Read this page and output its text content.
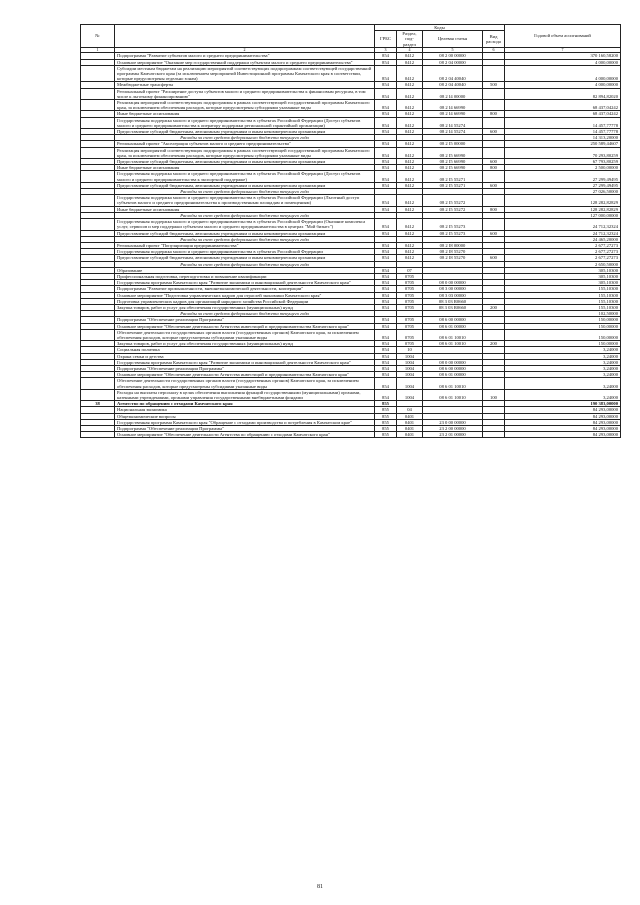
№		Коды				Годовой объем ассигнований
		ГРБС	Раздел, под-раздел	Целевая статья	Вид расхода	
1	2	3	4	5	6	7
	Подпрограмма "Развитие субъектов малого и среднего предпринимательства"	854	0412	08 2 00 00000		370 160,58200
	Основное мероприятие "Оказание мер государственной поддержки субъектам малого и среднего предпринимательства"	854	0412	08 2 04 00000		4 000,00000
	Субсидии местным бюджетам на реализацию мероприятий соответствующих подпрограммам соответствующей государственной программы Камчатского края (за исключением мероприятий Инвестиционной программы Камчатского края в соответствии, которые предусмотрены отдельно зонам)	854	0412	08 2 04 40040		4 000,00000
	Межбюджетные трансферты	854	0412	08 2 04 40040	500	4 000,00000
	Региональный проект "Расширение доступа субъектов малого и среднего предпринимательства к финансовым ресурсам, в том числе к льготному финансированию"	854	0412	08 2 I4 00000		82 894,82020
	Реализация мероприятий соответствующих подпрограммы в рамках соответствующей государственной программы Камчатского края, за исключением обеспечения расходов, которые предусмотрены субсидиями указанные виды	854	0412	08 2 I4 66990		68 437,04242
	Иные бюджетные ассигнования	854	0412	08 2 I4 66990	800	68 437,04242
	Государственная поддержка малого и среднего предпринимательства в субъектах Российской Федерации (Доступ субъектов малого и среднего предпринимательства к оператору поддержки региональной гарантийной организации)	854	0412	08 2 I4 55274		14 457,77778
	Предоставление субсидий бюджетным, автономным учреждениям и иным некоммерческим организациям	854	0412	08 2 I4 55274	600	14 457,77778
	Расходы за счет средств федерального бюджета текущего года					14 313,20000
	Региональный проект "Акселерация субъектов малого и среднего предпринимательства"	854	0412	08 2 I5 00000		250 589,44607
	Реализация мероприятий соответствующих подпрограммы в рамках соответствующей государственной программы Камчатского края, за исключением обеспечения расходов, которые предусмотрены субсидиями указанные виды	854	0412	08 2 I5 66990		70 293,80259
	Предоставление субсидий бюджетным, автономным учреждениям и иным некоммерческим организациям	854	0412	08 2 I5 66990	600	67 793,80259
	Иные бюджетные ассигнования	854	0412	08 2 I5 66990	800	2 500,00000
	Государственная поддержка малого и среднего предпринимательства в субъектах Российской Федерации (Доступ субъектов малого и среднего предпринимательства к экспортной поддержке)	854	0412	08 2 I5 55271		27 299,49495
	Предоставление субсидий бюджетным, автономным учреждениям и иным некоммерческим организациям	854	0412	08 2 I5 55271	600	27 299,49495
	Расходы за счет средств федерального бюджета текущего года					27 026,50000
	Государственная поддержка малого и среднего предпринимательства в субъектах Российской Федерации (Льготный доступ субъектов малого и среднего предпринимательства к производственным площадям и помещениям)	854	0412	08 2 I5 55272		128 282,82829
	Иные бюджетные ассигнования	854	0412	08 2 I5 55272	800	128 282,82829
	Расходы за счет средств федерального бюджета текущего года					127 000,00000
	Государственная поддержка малого и среднего предпринимательства в субъектах Российской Федерации (Оказание комплекса услуг, сервисов и мер поддержки субъектам малого и среднего предпринимательства в центрах "Мой бизнес")	854	0412	08 2 I5 55273		24 712,32324
	Предоставление субсидий бюджетным, автономным учреждениям и иным некоммерческим организациям	854	0412	08 2 I5 55273	600	24 712,32324
	Расходы за счет средств федерального бюджета текущего года					24 465,20000
	Региональный проект "Популяризация предпринимательства"	854	0412	08 2 I8 00000		2 677,27273
	Государственная поддержка малого и среднего предпринимательства в субъектах Российской Федерации	854	0412	08 2 I8 55270		2 677,27273
	Предоставление субсидий бюджетным, автономным учреждениям и иным некоммерческим организациям	854	0412	08 2 I8 55270	600	2 677,27273
	Расходы за счет средств федерального бюджета текущего года					2 650,50000
	Образование	854	07			305,10300
	Профессиональная подготовка, переподготовка и повышение квалификации	854	0705			305,10300
	Государственная программа Камчатского края "Развитие экономики и инновационной деятельности Камчатского края"	854	0705	08 0 00 00000		305,10300
	Подпрограмма "Развитие промышленности, внешнеэкономической деятельности, кооперации"	854	0705	08 3 00 00000		155,10300
	Основное мероприятие "Подготовка управленческих кадров для отраслей экономики Камчатского края"	854	0705	08 3 03 00000		155,10300
	Подготовка управленческих кадров для организаций народного хозяйства Российской Федерации	854	0705	08 3 03 R0660		155,10300
	Закупка товаров, работ и услуг для обеспечения государственных (муниципальных) нужд	854	0705	08 3 03 R0660	200	155,10300
	Расходы за счет средств федерального бюджета текущего года					102,50000
	Подпрограмма "Обеспечение реализации Программы"	854	0705	08 6 00 00000		150,00000
	Основное мероприятие "Обеспечение деятельности Агентства инвестиций и предпринимательства Камчатского края"	854	0705	08 6 01 00000		150,00000
	Обеспечение деятельности государственных органов власти (государственных органов) Камчатского края, за исключением обеспечения расходов, которые предусмотрены субсидиями указанные виды	854	0705	08 6 01 10010		150,00000
	Закупка товаров, работ и услуг для обеспечения государственных (муниципальных) нужд	854	0705	08 6 01 10010	200	150,00000
	Социальная политика	854	10			3,24000
	Охрана семьи и детства	854	1004			3,24000
	Государственная программа Камчатского края "Развитие экономики и инновационной деятельности Камчатского края"	854	1004	08 0 00 00000		3,24000
	Подпрограмма "Обеспечение реализации Программы"	854	1004	08 6 00 00000		3,24000
	Основное мероприятие "Обеспечение деятельности Агентства инвестиций и предпринимательства Камчатского края"	854	1004	08 6 01 00000		3,24000
	Обеспечение деятельности государственных органов власти (государственных органов) Камчатского края, за исключением обеспечения расходов, которые предусмотрены субсидиями указанные виды	854	1004	08 6 01 10010		3,24000
	Расходы на выплаты персоналу в целях обеспечения выполнения функций государственными (муниципальными) органами, казенными учреждениями, органами управления государственными внебюджетными фондами	854	1004	08 6 01 10010	100	3,24000
38	Агентство по обращению с отходами Камчатского края	855				190 383,00000
	Национальная экономика	855	04			84 293,00000
	Общеэкономические вопросы	855	0401			84 293,00000
	Государственная программа Камчатского края "Обращение с отходами производства и потребления в Камчатском крае"	855	0401	23 0 00 00000		84 293,00000
	Подпрограмма "Обеспечение реализации Программы"	855	0401	23 2 00 00000		84 293,00000
	Основное мероприятие "Обеспечение деятельности Агентства по обращению с отходами Камчатского края"	855	0401	23 2 01 00000		84 293,00000
81
